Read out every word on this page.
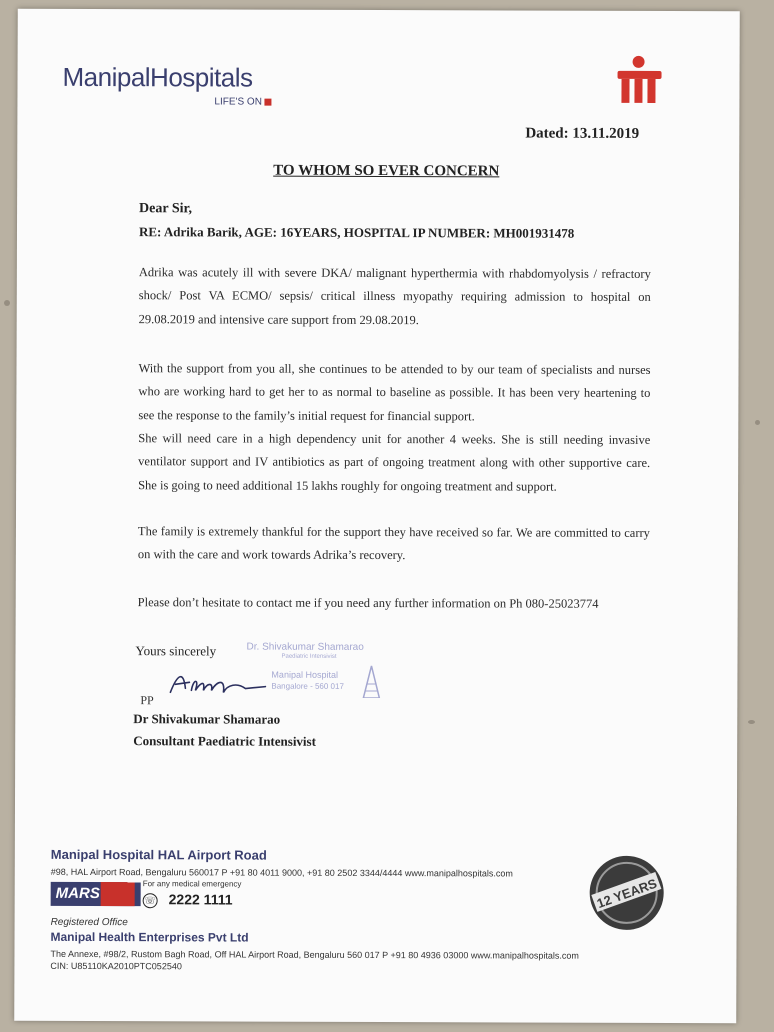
ManipalHospitals
LIFE'S ON
Dated: 13.11.2019
TO WHOM SO EVER CONCERN
Dear Sir,
RE: Adrika Barik, AGE: 16YEARS, HOSPITAL IP NUMBER: MH001931478

Adrika was acutely ill with severe DKA/ malignant hyperthermia with rhabdomyolysis / refractory shock/ Post VA ECMO/ sepsis/ critical illness myopathy requiring admission to hospital on 29.08.2019 and intensive care support from 29.08.2019.

With the support from you all, she continues to be attended to by our team of specialists and nurses who are working hard to get her to as normal to baseline as possible. It has been very heartening to see the response to the family’s initial request for financial support.

She will need care in a high dependency unit for another 4 weeks. She is still needing invasive ventilator support and IV antibiotics as part of ongoing treatment along with other supportive care. She is going to need additional 15 lakhs roughly for ongoing treatment and support.

The family is extremely thankful for the support they have received so far. We are committed to carry on with the care and work towards Adrika’s recovery.

Please don’t hesitate to contact me if you need any further information on Ph 080-25023774

Yours sincerely	Dr. Shivakumar Shamarao
Paediatric Intensivist
Manipal Hospital
Bangalore - 560 017
PP
Dr Shivakumar Shamarao
Consultant Paediatric Intensivist
Manipal Hospital HAL Airport Road
#98, HAL Airport Road, Bengaluru 560017 P +91 80 4011 9000, +91 80 2502 3344/4444 www.manipalhospitals.com
MARS
For any medical emergency
☏ 2222 1111
Registered Office
Manipal Health Enterprises Pvt Ltd
The Annexe, #98/2, Rustom Bagh Road, Off HAL Airport Road, Bengaluru 560 017 P +91 80 4936 03000 www.manipalhospitals.com
CIN: U85110KA2010PTC052540
12 YEARS
